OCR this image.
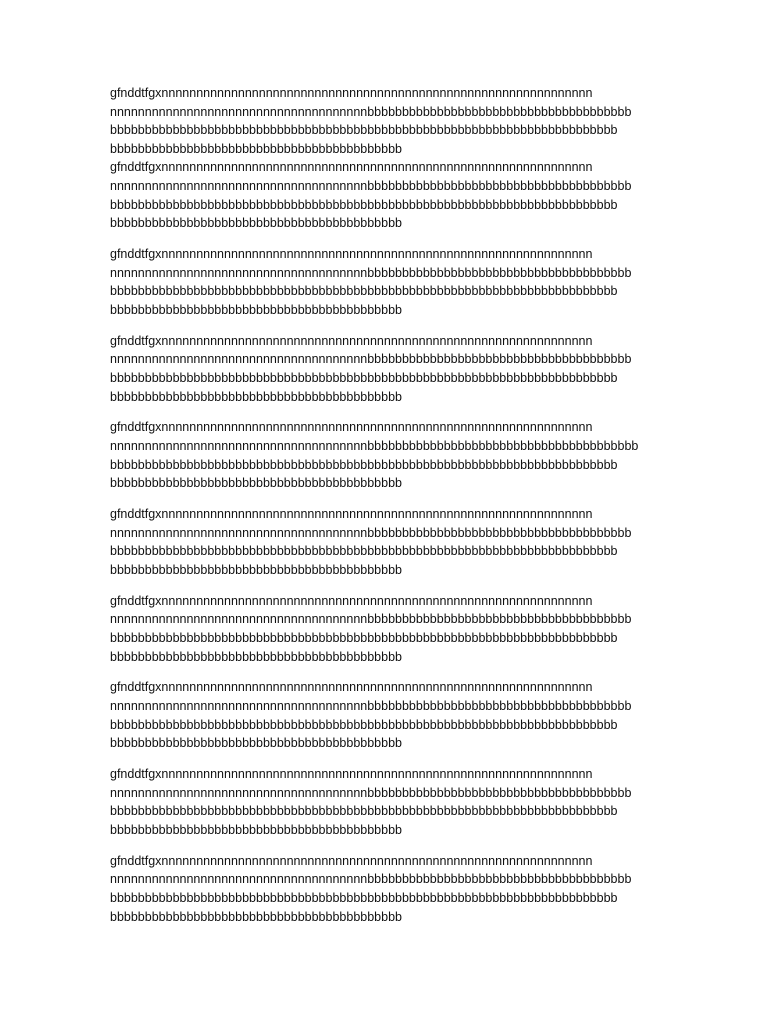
gfnddtfgxnnnnnnnnnnnnnnnnnnnnnnnnnnnnnnnnnnnnnnnnnnnnnnnnnnnnnnnnnnnnnn
nnnnnnnnnnnnnnnnnnnnnnnnnnnnnnnnnnnnnbbbbbbbbbbbbbbbbbbbbbbbbbbbbbbbbbbbbbb
bbbbbbbbbbbbbbbbbbbbbbbbbbbbbbbbbbbbbbbbbbbbbbbbbbbbbbbbbbbbbbbbbbbbbbbbb
bbbbbbbbbbbbbbbbbbbbbbbbbbbbbbbbbbbbbbbbbb
gfnddtfgxnnnnnnnnnnnnnnnnnnnnnnnnnnnnnnnnnnnnnnnnnnnnnnnnnnnnnnnnnnnnnn
nnnnnnnnnnnnnnnnnnnnnnnnnnnnnnnnnnnnnbbbbbbbbbbbbbbbbbbbbbbbbbbbbbbbbbbbbbb
bbbbbbbbbbbbbbbbbbbbbbbbbbbbbbbbbbbbbbbbbbbbbbbbbbbbbbbbbbbbbbbbbbbbbbbbb
bbbbbbbbbbbbbbbbbbbbbbbbbbbbbbbbbbbbbbbbbb
gfnddtfgxnnnnnnnnnnnnnnnnnnnnnnnnnnnnnnnnnnnnnnnnnnnnnnnnnnnnnnnnnnnnnn
nnnnnnnnnnnnnnnnnnnnnnnnnnnnnnnnnnnnnbbbbbbbbbbbbbbbbbbbbbbbbbbbbbbbbbbbbbb
bbbbbbbbbbbbbbbbbbbbbbbbbbbbbbbbbbbbbbbbbbbbbbbbbbbbbbbbbbbbbbbbbbbbbbbbb
bbbbbbbbbbbbbbbbbbbbbbbbbbbbbbbbbbbbbbbbbb
gfnddtfgxnnnnnnnnnnnnnnnnnnnnnnnnnnnnnnnnnnnnnnnnnnnnnnnnnnnnnnnnnnnnnn
nnnnnnnnnnnnnnnnnnnnnnnnnnnnnnnnnnnnnbbbbbbbbbbbbbbbbbbbbbbbbbbbbbbbbbbbbbb
bbbbbbbbbbbbbbbbbbbbbbbbbbbbbbbbbbbbbbbbbbbbbbbbbbbbbbbbbbbbbbbbbbbbbbbbb
bbbbbbbbbbbbbbbbbbbbbbbbbbbbbbbbbbbbbbbbbb
gfnddtfgxnnnnnnnnnnnnnnnnnnnnnnnnnnnnnnnnnnnnnnnnnnnnnnnnnnnnnnnnnnnnnn
nnnnnnnnnnnnnnnnnnnnnnnnnnnnnnnnnnnnnbbbbbbbbbbbbbbbbbbbbbbbbbbbbbbbbbbbbbbb
bbbbbbbbbbbbbbbbbbbbbbbbbbbbbbbbbbbbbbbbbbbbbbbbbbbbbbbbbbbbbbbbbbbbbbbbb
bbbbbbbbbbbbbbbbbbbbbbbbbbbbbbbbbbbbbbbbbb
gfnddtfgxnnnnnnnnnnnnnnnnnnnnnnnnnnnnnnnnnnnnnnnnnnnnnnnnnnnnnnnnnnnnnn
nnnnnnnnnnnnnnnnnnnnnnnnnnnnnnnnnnnnnbbbbbbbbbbbbbbbbbbbbbbbbbbbbbbbbbbbbbb
bbbbbbbbbbbbbbbbbbbbbbbbbbbbbbbbbbbbbbbbbbbbbbbbbbbbbbbbbbbbbbbbbbbbbbbbb
bbbbbbbbbbbbbbbbbbbbbbbbbbbbbbbbbbbbbbbbbb
gfnddtfgxnnnnnnnnnnnnnnnnnnnnnnnnnnnnnnnnnnnnnnnnnnnnnnnnnnnnnnnnnnnnnn
nnnnnnnnnnnnnnnnnnnnnnnnnnnnnnnnnnnnnbbbbbbbbbbbbbbbbbbbbbbbbbbbbbbbbbbbbbb
bbbbbbbbbbbbbbbbbbbbbbbbbbbbbbbbbbbbbbbbbbbbbbbbbbbbbbbbbbbbbbbbbbbbbbbbb
bbbbbbbbbbbbbbbbbbbbbbbbbbbbbbbbbbbbbbbbbb
gfnddtfgxnnnnnnnnnnnnnnnnnnnnnnnnnnnnnnnnnnnnnnnnnnnnnnnnnnnnnnnnnnnnnn
nnnnnnnnnnnnnnnnnnnnnnnnnnnnnnnnnnnnnbbbbbbbbbbbbbbbbbbbbbbbbbbbbbbbbbbbbbb
bbbbbbbbbbbbbbbbbbbbbbbbbbbbbbbbbbbbbbbbbbbbbbbbbbbbbbbbbbbbbbbbbbbbbbbbb
bbbbbbbbbbbbbbbbbbbbbbbbbbbbbbbbbbbbbbbbbb
gfnddtfgxnnnnnnnnnnnnnnnnnnnnnnnnnnnnnnnnnnnnnnnnnnnnnnnnnnnnnnnnnnnnnn
nnnnnnnnnnnnnnnnnnnnnnnnnnnnnnnnnnnnnbbbbbbbbbbbbbbbbbbbbbbbbbbbbbbbbbbbbbb
bbbbbbbbbbbbbbbbbbbbbbbbbbbbbbbbbbbbbbbbbbbbbbbbbbbbbbbbbbbbbbbbbbbbbbbbb
bbbbbbbbbbbbbbbbbbbbbbbbbbbbbbbbbbbbbbbbbb
gfnddtfgxnnnnnnnnnnnnnnnnnnnnnnnnnnnnnnnnnnnnnnnnnnnnnnnnnnnnnnnnnnnnnn
nnnnnnnnnnnnnnnnnnnnnnnnnnnnnnnnnnnnnbbbbbbbbbbbbbbbbbbbbbbbbbbbbbbbbbbbbbb
bbbbbbbbbbbbbbbbbbbbbbbbbbbbbbbbbbbbbbbbbbbbbbbbbbbbbbbbbbbbbbbbbbbbbbbbb
bbbbbbbbbbbbbbbbbbbbbbbbbbbbbbbbbbbbbbbbbb
